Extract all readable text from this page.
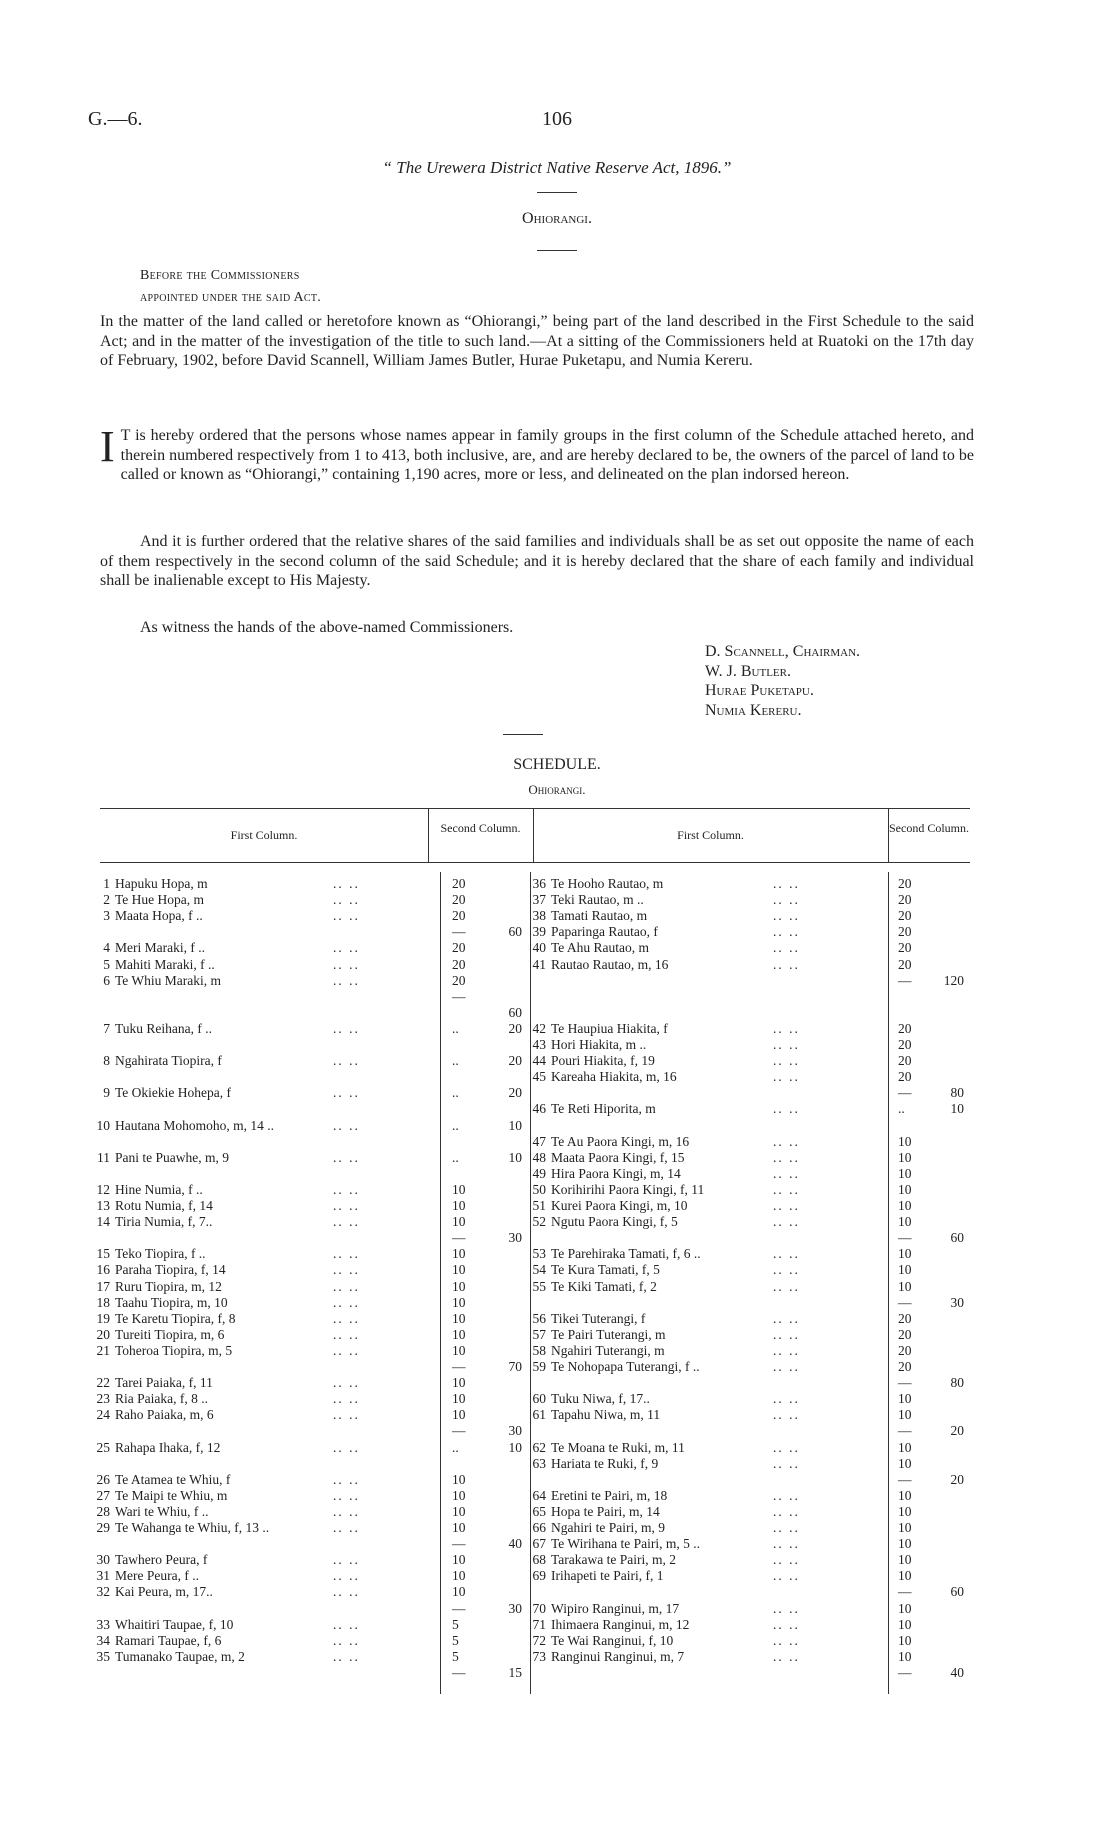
G.—6.	106
“ The Urewera District Native Reserve Act, 1896.”
Ohiorangi.
Before the Commissioners
appointed under the said Act.
In the matter of the land called or heretofore known as “Ohiorangi,” being part of the land described in the First Schedule to the said Act; and in the matter of the investigation of the title to such land.—At a sitting of the Commissioners held at Ruatoki on the 17th day of February, 1902, before David Scannell, William James Butler, Hurae Puketapu, and Numia Kereru.
I T is hereby ordered that the persons whose names appear in family groups in the first column of the Schedule attached hereto, and therein numbered respectively from 1 to 413, both inclusive, are, and are hereby declared to be, the owners of the parcel of land to be called or known as “Ohiorangi,” containing 1,190 acres, more or less, and delineated on the plan indorsed hereon.
And it is further ordered that the relative shares of the said families and individuals shall be as set out opposite the name of each of them respectively in the second column of the said Schedule; and it is hereby declared that the share of each family and individual shall be inalienable except to His Majesty.
As witness the hands of the above-named Commissioners.
D. Scannell, Chairman.
W. J. Butler.
Hurae Puketapu.
Numia Kereru.
SCHEDULE.
Ohiorangi.
First Column.	Second Column.	First Column.	Second Column.
1 Hapuku Hopa, m	.. ..	20
2 Te Hue Hopa, m	.. ..	20
3 Maata Hopa, f ..	.. ..	20
—	60
4 Meri Maraki, f ..	.. ..	20
5 Mahiti Maraki, f ..	.. ..	20
6 Te Whiu Maraki, m	.. ..	20
—
60
7 Tuku Reihana, f ..	.. ..	..	20
8 Ngahirata Tiopira, f	.. ..	..	20
9 Te Okiekie Hohepa, f	.. ..	..	20
10 Hautana Mohomoho, m, 14 ..	.. ..	..	10
11 Pani te Puawhe, m, 9	.. ..	..	10
12 Hine Numia, f ..	.. ..	10
13 Rotu Numia, f, 14	.. ..	10
14 Tiria Numia, f, 7..	.. ..	10
—	30
15 Teko Tiopira, f ..	.. ..	10
16 Paraha Tiopira, f, 14	.. ..	10
17 Ruru Tiopira, m, 12	.. ..	10
18 Taahu Tiopira, m, 10	.. ..	10
19 Te Karetu Tiopira, f, 8	.. ..	10
20 Tureiti Tiopira, m, 6	.. ..	10
21 Toheroa Tiopira, m, 5	.. ..	10
—	70
22 Tarei Paiaka, f, 11	.. ..	10
23 Ria Paiaka, f, 8 ..	.. ..	10
24 Raho Paiaka, m, 6	.. ..	10
—	30
25 Rahapa Ihaka, f, 12	.. ..	..	10
26 Te Atamea te Whiu, f	.. ..	10
27 Te Maipi te Whiu, m	.. ..	10
28 Wari te Whiu, f ..	.. ..	10
29 Te Wahanga te Whiu, f, 13 ..	.. ..	10
—	40
30 Tawhero Peura, f	.. ..	10
31 Mere Peura, f ..	.. ..	10
32 Kai Peura, m, 17..	.. ..	10
—	30
33 Whaitiri Taupae, f, 10	.. ..	5
34 Ramari Taupae, f, 6	.. ..	5
35 Tumanako Taupae, m, 2	.. ..	5
—	15
36 Te Hooho Rautao, m	.. ..	20
37 Teki Rautao, m ..	.. ..	20
38 Tamati Rautao, m	.. ..	20
39 Paparinga Rautao, f	.. ..	20
40 Te Ahu Rautao, m	.. ..	20
41 Rautao Rautao, m, 16	.. ..	20
—	120
42 Te Haupiua Hiakita, f	.. ..	20
43 Hori Hiakita, m ..	.. ..	20
44 Pouri Hiakita, f, 19	.. ..	20
45 Kareaha Hiakita, m, 16	.. ..	20
—	80
46 Te Reti Hiporita, m	.. ..	..	10
47 Te Au Paora Kingi, m, 16	.. ..	10
48 Maata Paora Kingi, f, 15	.. ..	10
49 Hira Paora Kingi, m, 14	.. ..	10
50 Korihirihi Paora Kingi, f, 11	.. ..	10
51 Kurei Paora Kingi, m, 10	.. ..	10
52 Ngutu Paora Kingi, f, 5	.. ..	10
—	60
53 Te Parehiraka Tamati, f, 6 ..	.. ..	10
54 Te Kura Tamati, f, 5	.. ..	10
55 Te Kiki Tamati, f, 2	.. ..	10
—	30
56 Tikei Tuterangi, f	.. ..	20
57 Te Pairi Tuterangi, m	.. ..	20
58 Ngahiri Tuterangi, m	.. ..	20
59 Te Nohopapa Tuterangi, f ..	.. ..	20
—	80
60 Tuku Niwa, f, 17..	.. ..	10
61 Tapahu Niwa, m, 11	.. ..	10
—	20
62 Te Moana te Ruki, m, 11	.. ..	10
63 Hariata te Ruki, f, 9	.. ..	10
—	20
64 Eretini te Pairi, m, 18	.. ..	10
65 Hopa te Pairi, m, 14	.. ..	10
66 Ngahiri te Pairi, m, 9	.. ..	10
67 Te Wirihana te Pairi, m, 5 ..	.. ..	10
68 Tarakawa te Pairi, m, 2	.. ..	10
69 Irihapeti te Pairi, f, 1	.. ..	10
—	60
70 Wipiro Ranginui, m, 17	.. ..	10
71 Ihimaera Ranginui, m, 12	.. ..	10
72 Te Wai Ranginui, f, 10	.. ..	10
73 Ranginui Ranginui, m, 7	.. ..	10
—	40
